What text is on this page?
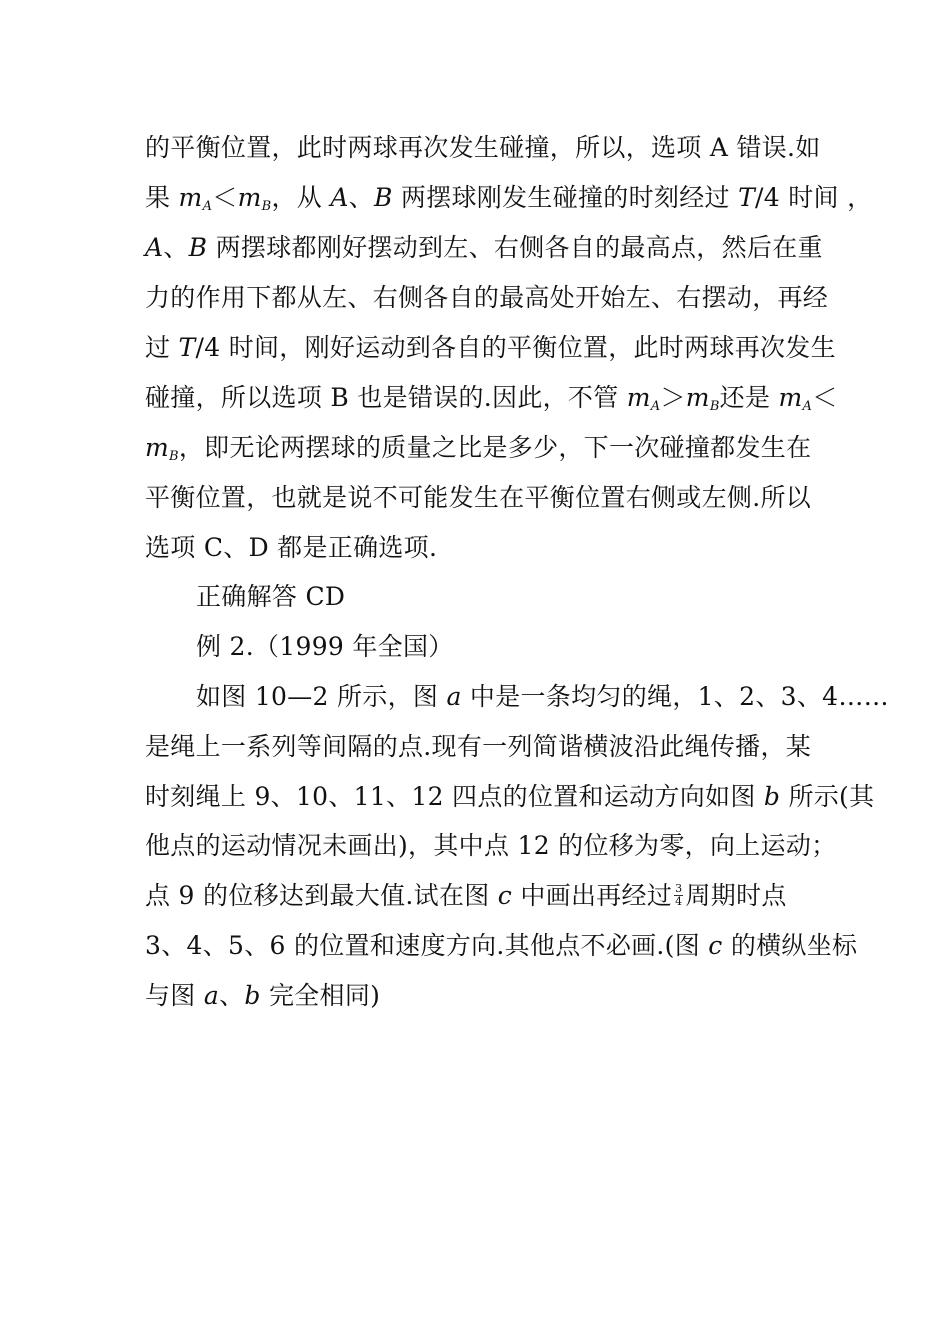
的平衡位置，此时两球再次发生碰撞，所以，选项 A 错误.如
果 $m_A<m_B$，从 A、B 两摆球刚发生碰撞的时刻经过 T/4 时间 ，
A、B 两摆球都刚好摆动到左、右侧各自的最高点，然后在重
力的作用下都从左、右侧各自的最高处开始左、右摆动，再经
过 T/4 时间，刚好运动到各自的平衡位置，此时两球再次发生
碰撞，所以选项 B 也是错误的.因此，不管 $m_A>m_B$还是 $m_A<$
$m_B$，即无论两摆球的质量之比是多少，下一次碰撞都发生在
平衡位置，也就是说不可能发生在平衡位置右侧或左侧.所以
选项 C、D 都是正确选项.
正确解答 CD
例 2.（1999 年全国）
如图 10—2 所示，图 a 中是一条均匀的绳，1、2、3、4……
是绳上一系列等间隔的点.现有一列简谐横波沿此绳传播，某
时刻绳上 9、10、11、12 四点的位置和运动方向如图 b 所示(其
他点的运动情况未画出)，其中点 12 的位移为零，向上运动；
点 9 的位移达到最大值.试在图 c 中画出再经过 $\frac{3}{4}$ 周期时点
3、4、5、6 的位置和速度方向.其他点不必画.(图 c 的横纵坐标
与图 a、b 完全相同)
